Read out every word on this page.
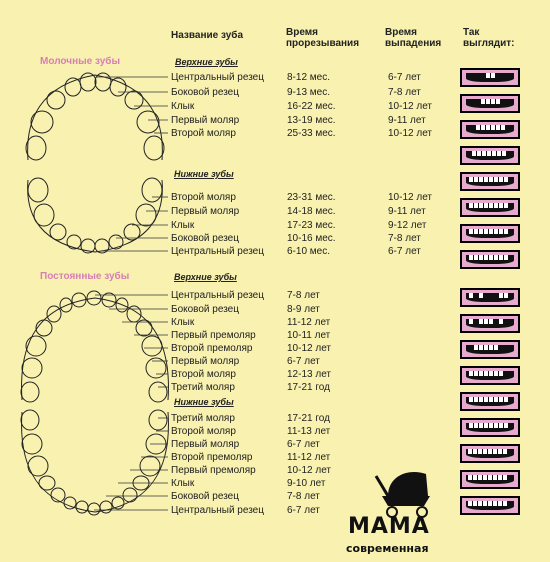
Название зуба	Время прорезывания
Время выпадения
Так выглядит:
Молочные зубы	Верхние зубы
Нижние зубы
Постоянные зубы	Верхние зубы
Нижние зубы
Центральный резец 8-12 мес.	6-7 лет
Боковой резец	9-13 мес.	7-8 лет
Клык	16-22 мес.	10-12 лет
Первый моляр	13-19 мес.	9-11 лет
Второй моляр	25-33 мес.	10-12 лет
Второй моляр	23-31 мес.	10-12 лет
Первый моляр	14-18 мес.	9-11 лет
Клык	17-23 мес.	9-12 лет
Боковой резец	10-16 мес.	7-8 лет
Центральный резец 6-10 мес.	6-7 лет
Центральный резец 7-8 лет
Боковой резец	8-9 лет
Клык	11-12 лет
Первый премоляр	10-11 лет
Второй премоляр	10-12 лет
Первый моляр	6-7 лет
Второй моляр	12-13 лет
Третий моляр	17-21 год
Третий моляр	17-21 год
Второй моляр	11-13 лет
Первый моляр	6-7 лет
Второй премоляр	11-12 лет
Первый премоляр	10-12 лет
Клык	9-10 лет
Боковой резец	7-8 лет
Центральный резец 6-7 лет
МАМА
современная
